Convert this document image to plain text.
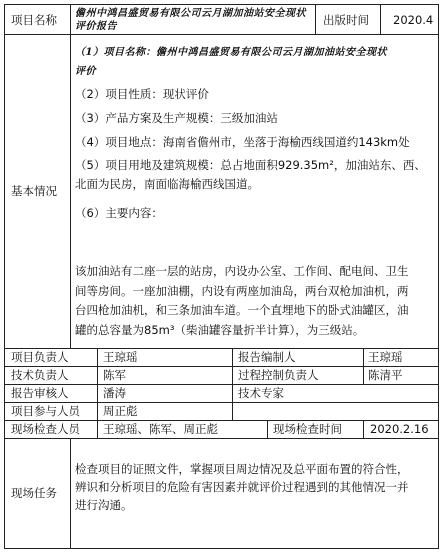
项目名称 儋州中鸿昌盛贸易有限公司云月湖加油站安全现状
评价报告	出版时间 2020.4
基本情况
（1）项目名称：儋州中鸿昌盛贸易有限公司云月湖加油站安全现状
评价
（2）项目性质：现状评价
（3）产品方案及生产规模：三级加油站
（4）项目地点：海南省儋州市，坐落于海榆西线国道约143km处
（5）项目用地及建筑规模：总占地面积929.35m²，加油站东、西、
北面为民房，南面临海榆西线国道。
（6）主要内容：
该加油站有二座一层的站房，内设办公室、工作间、配电间、卫生
间等房间。一座加油棚，内设有两座加油岛，两台双枪加油机，两
台四枪加油机，和三条加油车道。一个直埋地下的卧式油罐区，油
罐的总容量为85m³（柴油罐容量折半计算），为三级站。
项目负责人	王琼瑶	报告编制人	王琼瑶
技术负责人	陈军	过程控制负责人	陈清平
报告审核人	潘涛	技术专家
项目参与人员 周正彪
现场检查人员 王琼瑶、陈军、周正彪	现场检查时间 2020.2.16
现场任务
检查项目的证照文件，掌握项目周边情况及总平面布置的符合性，
辨识和分析项目的危险有害因素并就评价过程遇到的其他情况一并
进行沟通。
